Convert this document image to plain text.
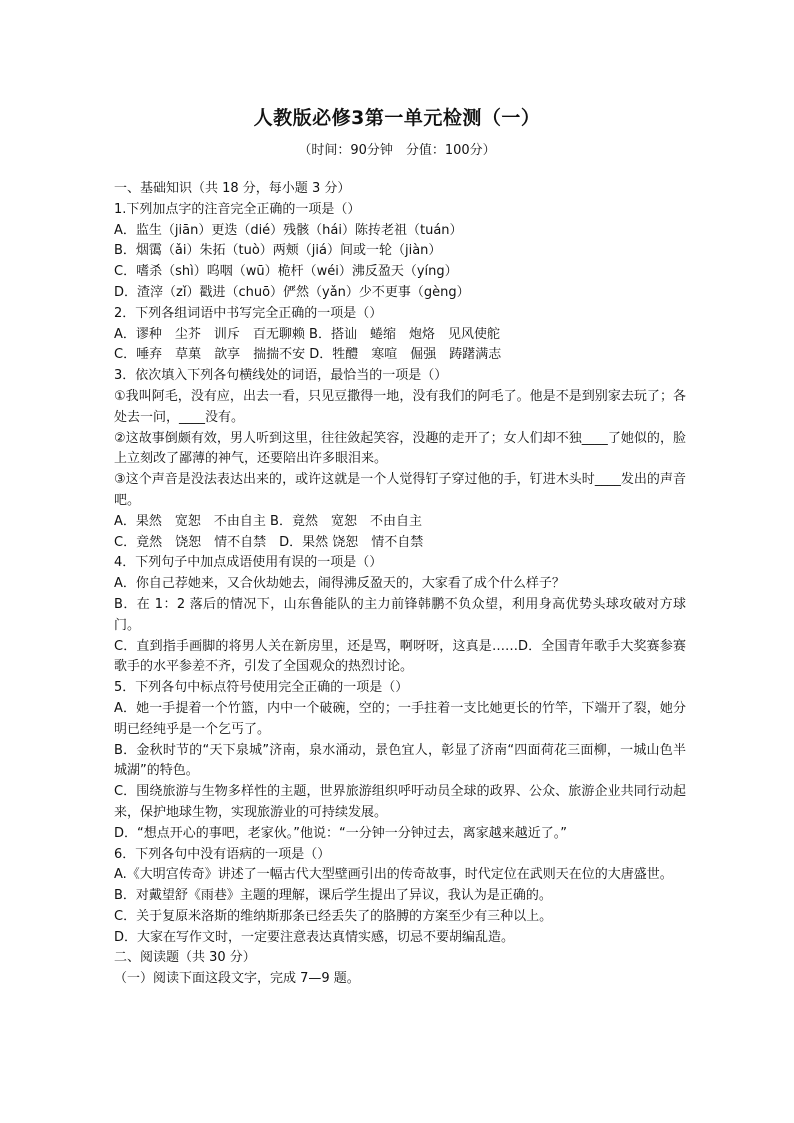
人教版必修3第一单元检测（一）
（时间：90分钟　分值：100分）
一、基础知识（共 18 分，每小题 3 分）
1.下列加点字的注音完全正确的一项是（）
A．监生（jiān）更迭（dié）残骸（hái）陈抟老祖（tuán）
B．烟霭（ǎi）朱拓（tuò）两颊（jiá）间或一轮（jiàn）
C．嗜杀（shì）呜咽（wū）桅杆（wéi）沸反盈天（yíng）
D．渣滓（zǐ）戳进（chuō）俨然（yǎn）少不更事（gèng）
2．下列各组词语中书写完全正确的一项是（）
A．谬种　尘芥　训斥　百无聊赖 B．搭讪　蜷缩　炮烙　见风使舵
C．唾弃　草菓　歆享　揣揣不安 D．牲醴　寒喧　倔强　踌躇满志
3．依次填入下列各句横线处的词语，最恰当的一项是（）
①我叫阿毛，没有应，出去一看，只见豆撒得一地，没有我们的阿毛了。他是不是到别家去玩了；各处去一问，____没有。
②这故事倒颇有效，男人听到这里，往往敛起笑容，没趣的走开了；女人们却不独____了她似的，脸上立刻改了鄙薄的神气，还要陪出许多眼泪来。
③这个声音是没法表达出来的，或许这就是一个人觉得钉子穿过他的手，钉进木头时____发出的声音吧。
A．果然　宽恕　不由自主 B．竟然　宽恕　不由自主
C．竟然　饶恕　情不自禁　D．果然 饶恕　情不自禁
4．下列句子中加点成语使用有误的一项是（）
A．你自己荐她来，又合伙劫她去，闹得沸反盈天的，大家看了成个什么样子？
B．在 1：2 落后的情况下，山东鲁能队的主力前锋韩鹏不负众望，利用身高优势头球攻破对方球门。
C．直到指手画脚的将男人关在新房里，还是骂，啊呀呀，这真是……D．全国青年歌手大奖赛参赛歌手的水平参差不齐，引发了全国观众的热烈讨论。
5．下列各句中标点符号使用完全正确的一项是（）
A．她一手提着一个竹篮，内中一个破碗，空的；一手拄着一支比她更长的竹竿，下端开了裂，她分明已经纯乎是一个乞丐了。
B．金秋时节的“天下泉城”济南，泉水涌动，景色宜人，彰显了济南“四面荷花三面柳，一城山色半城湖”的特色。
C．围绕旅游与生物多样性的主题，世界旅游组织呼吁动员全球的政界、公众、旅游企业共同行动起来，保护地球生物，实现旅游业的可持续发展。
D．“想点开心的事吧，老家伙。”他说：“一分钟一分钟过去，离家越来越近了。”
6．下列各句中没有语病的一项是（）
A.《大明宫传奇》讲述了一幅古代大型壁画引出的传奇故事，时代定位在武则天在位的大唐盛世。
B．对戴望舒《雨巷》主题的理解，课后学生提出了异议，我认为是正确的。
C．关于复原米洛斯的维纳斯那条已经丢失了的胳膊的方案至少有三种以上。
D．大家在写作文时，一定要注意表达真情实感，切忌不要胡编乱造。
二、阅读题（共 30 分）
（一）阅读下面这段文字，完成 7—9 题。
